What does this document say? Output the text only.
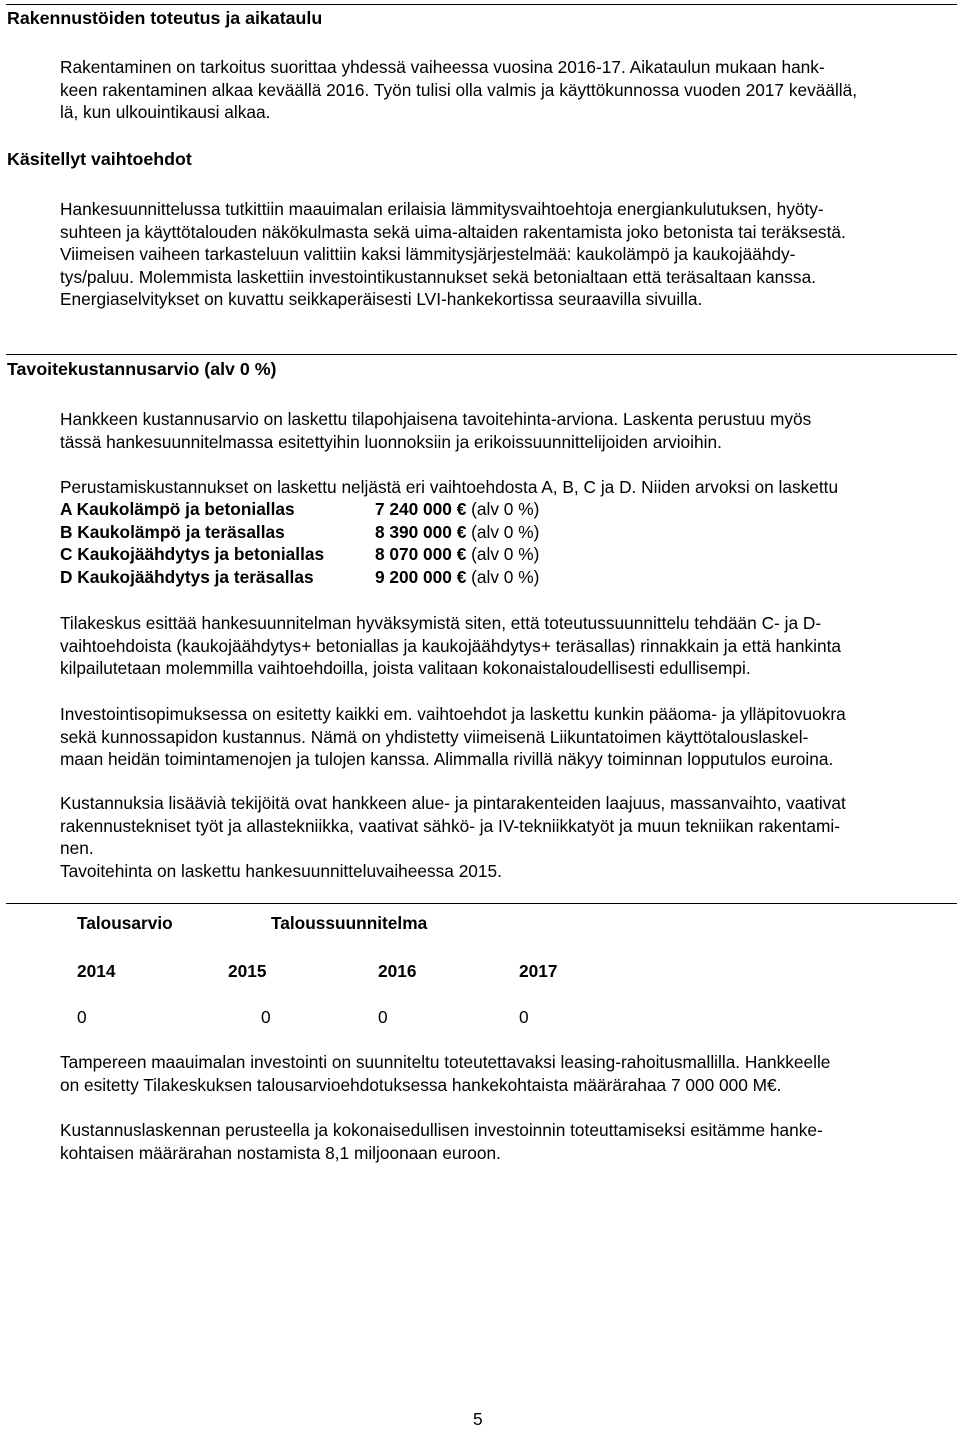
Rakennustöiden toteutus ja aikataulu

Rakentaminen on tarkoitus suorittaa yhdessä vaiheessa vuosina 2016-17. Aikataulun mukaan hank-
keen rakentaminen alkaa keväällä 2016. Työn tulisi olla valmis ja käyttökunnossa vuoden 2017 keväällä,
lä, kun ulkouintikausi alkaa.

Käsitellyt vaihtoehdot

Hankesuunnittelussa tutkittiin maauimalan erilaisia lämmitysvaihtoehtoja energiankulutuksen, hyöty-
suhteen ja käyttötalouden näkökulmasta sekä uima-altaiden rakentamista joko betonista tai teräksestä.
Viimeisen vaiheen tarkasteluun valittiin kaksi lämmitysjärjestelmää: kaukolämpö ja kaukojäähdy-
tys/paluu. Molemmista laskettiin investointikustannukset sekä betonialtaan että teräsaltaan kanssa.
Energiaselvitykset on kuvattu seikkaperäisesti LVI-hankekortissa seuraavilla sivuilla.

Tavoitekustannusarvio (alv 0 %)

Hankkeen kustannusarvio on laskettu tilapohjaisena tavoitehinta-arviona. Laskenta perustuu myös
tässä hankesuunnitelmassa esitettyihin luonnoksiin ja erikoissuunnittelijoiden arvioihin.

Perustamiskustannukset on laskettu neljästä eri vaihtoehdosta A, B, C ja D. Niiden arvoksi on laskettu

A Kaukolämpö ja betoniallas	7 240 000 € (alv 0 %)
B Kaukolämpö ja teräsallas	8 390 000 € (alv 0 %)
C Kaukojäähdytys ja betoniallas	8 070 000 € (alv 0 %)
D Kaukojäähdytys ja teräsallas	9 200 000 € (alv 0 %)

Tilakeskus esittää hankesuunnitelman hyväksymistä siten, että toteutussuunnittelu tehdään C- ja D-
vaihtoehdoista (kaukojäähdytys+ betoniallas ja kaukojäähdytys+ teräsallas) rinnakkain ja että hankinta
kilpailutetaan molemmilla vaihtoehdoilla, joista valitaan kokonaistaloudellisesti edullisempi.

Investointisopimuksessa on esitetty kaikki em. vaihtoehdot ja laskettu kunkin pääoma- ja ylläpitovuokra
sekä kunnossapidon kustannus. Nämä on yhdistetty viimeisenä Liikuntatoimen käyttötalouslaskel-
maan heidän toimintamenojen ja tulojen kanssa. Alimmalla rivillä näkyy toiminnan lopputulos euroina.

Kustannuksia lisäävià tekijöitä ovat hankkeen alue- ja pintarakenteiden laajuus, massanvaihto, vaativat
rakennustekniset työt ja allastekniikka, vaativat sähkö- ja IV-tekniikkatyöt ja muun tekniikan rakentami-
nen.
Tavoitehinta on laskettu hankesuunnitteluvaiheessa 2015.

Talousarvio	Taloussuunnitelma
2014	2015	2016	2017
0	0	0	0

Tampereen maauimalan investointi on suunniteltu toteutettavaksi leasing-rahoitusmallilla. Hankkeelle
on esitetty Tilakeskuksen talousarvioehdotuksessa hankekohtaista määrärahaa 7 000 000 M€.

Kustannuslaskennan perusteella ja kokonaisedullisen investoinnin toteuttamiseksi esitämme hanke-
kohtaisen määrärahan nostamista 8,1 miljoonaan euroon.

5
